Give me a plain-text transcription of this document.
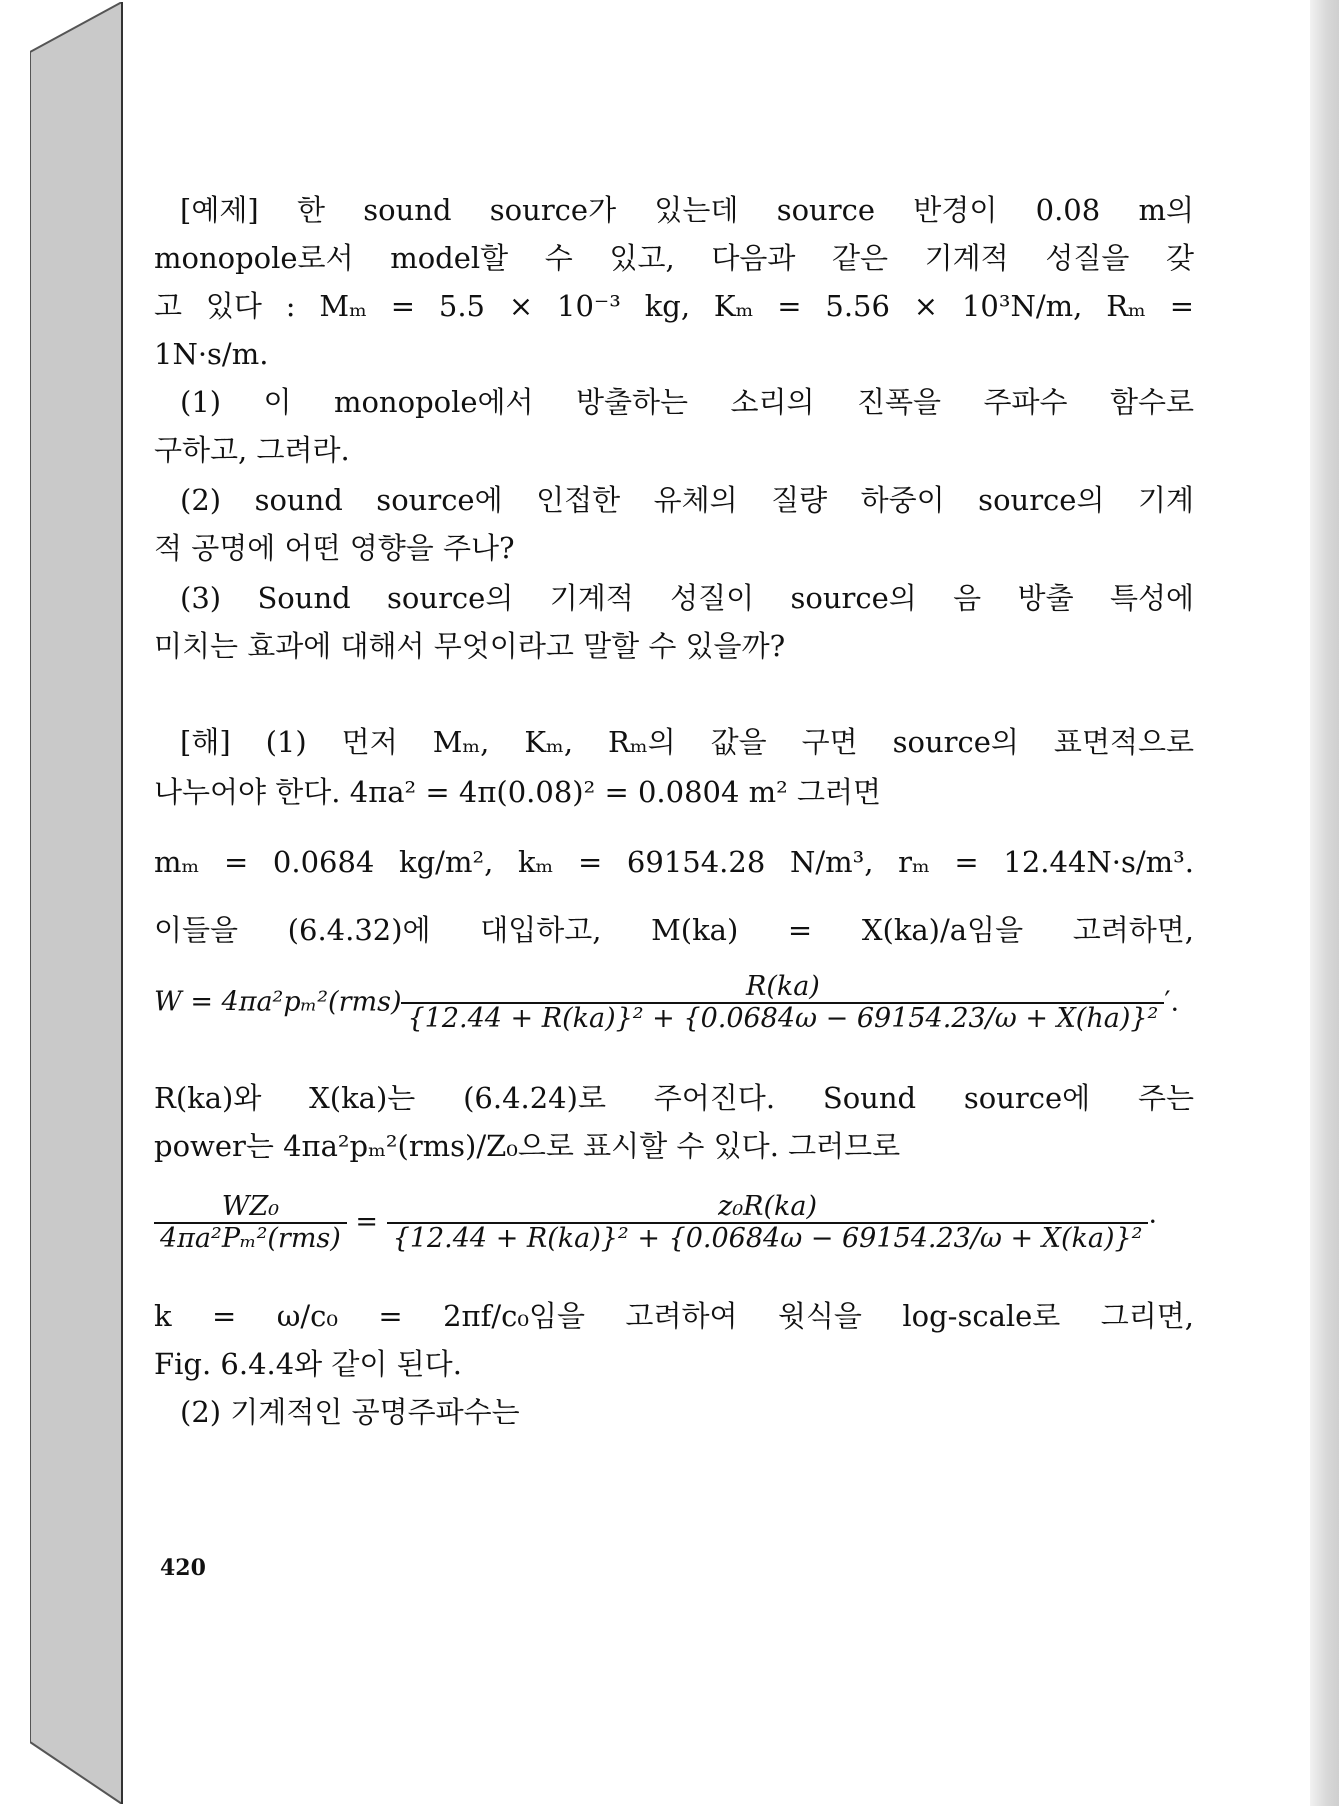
[예제] 한 sound source가 있는데 source 반경이 0.08 m의
monopole로서 model할 수 있고, 다음과 같은 기계적 성질을 갖
고 있다 : Mₘ = 5.5 × 10⁻³ kg, Kₘ = 5.56 × 10³N/m, Rₘ =
1N·s/m.
(1) 이 monopole에서 방출하는 소리의 진폭을 주파수 함수로
구하고, 그려라.
(2) sound source에 인접한 유체의 질량 하중이 source의 기계
적 공명에 어떤 영향을 주나?
(3) Sound source의 기계적 성질이 source의 음 방출 특성에
미치는 효과에 대해서 무엇이라고 말할 수 있을까?
[해] (1) 먼저 Mₘ, Kₘ, Rₘ의 값을 구면 source의 표면적으로
나누어야 한다. 4πa² = 4π(0.08)² = 0.0804 m² 그러면
mₘ = 0.0684 kg/m², kₘ = 69154.28 N/m³, rₘ = 12.44N·s/m³.
이들을 (6.4.32)에 대입하고, M(ka) = X(ka)/a임을 고려하면,
$W = 4\pi a^2p_m^2(rms) \frac{R(ka)}{\text{\{12.44 + R(ka)\}² + \{0.0684ω − 69154.23/ω + X(ha)\}²}}$ ′.
R(ka)와 X(ka)는 (6.4.24)로 주어진다. Sound source에 주는
power는 4πa²pₘ²(rms)/Z₀으로 표시할 수 있다. 그러므로
$\frac{\text{WZ₀}}{\text{4πa²Pₘ²(rms)}} = \frac{\text{z₀R(ka)}}{\text{\{12.44 + R(ka)\}² + \{0.0684ω − 69154.23/ω + X(ka)\}²}}$ ·
k = ω/c₀ = 2πf/c₀임을 고려하여 윗식을 log-scale로 그리면,
Fig. 6.4.4와 같이 된다.
(2) 기계적인 공명주파수는
420
